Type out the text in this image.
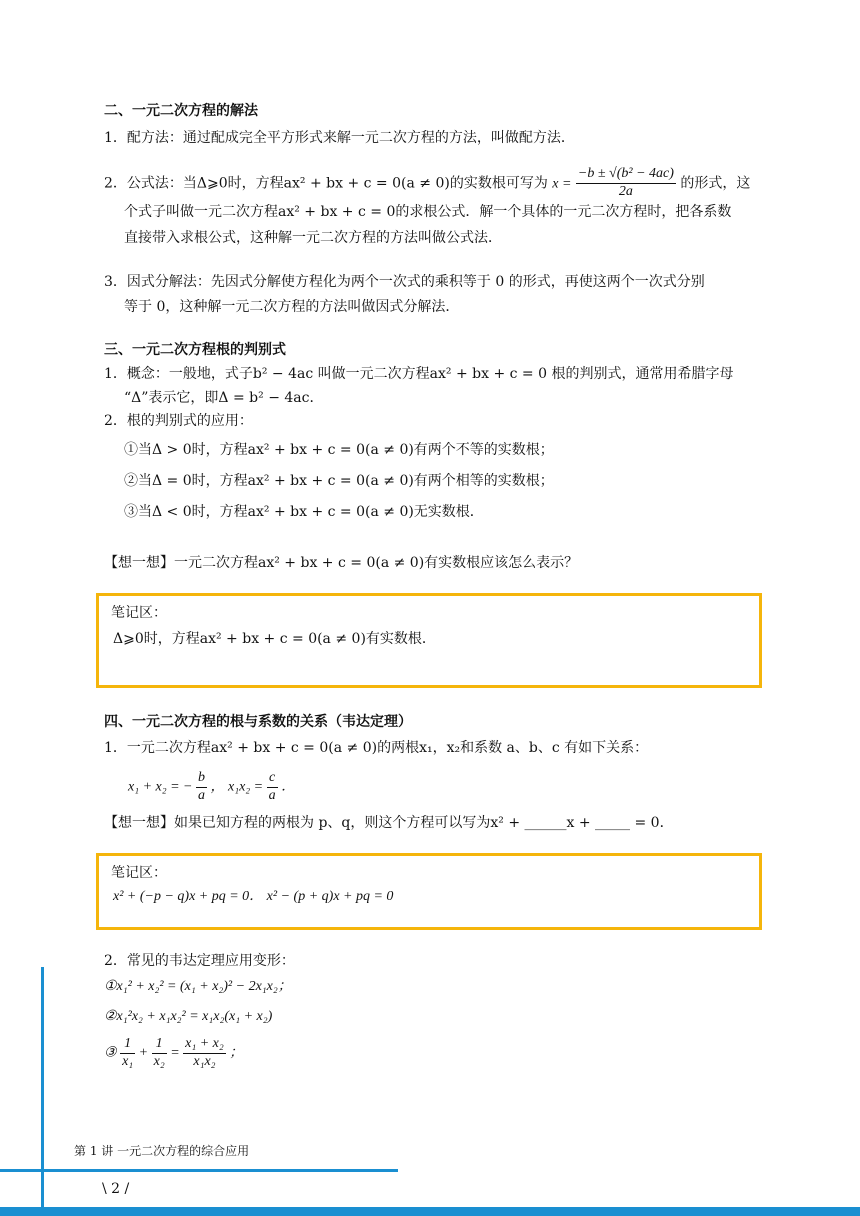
二、一元二次方程的解法
1．配方法：通过配成完全平方形式来解一元二次方程的方法，叫做配方法．
2．公式法：当Δ⩾0时，方程ax² + bx + c = 0(a ≠ 0)的实数根可写为 $x = \frac{\text{−b ± √(b² − 4ac)}}{2a}$ 的形式，这
个式子叫做一元二次方程ax² + bx + c = 0的求根公式．解一个具体的一元二次方程时，把各系数
直接带入求根公式，这种解一元二次方程的方法叫做公式法．
3．因式分解法：先因式分解使方程化为两个一次式的乘积等于 0 的形式，再使这两个一次式分别
等于 0，这种解一元二次方程的方法叫做因式分解法．
三、一元二次方程根的判别式
1．概念：一般地，式子b² − 4ac 叫做一元二次方程ax² + bx + c = 0 根的判别式，通常用希腊字母
“Δ”表示它，即Δ = b² − 4ac．
2．根的判别式的应用：
①当Δ > 0时，方程ax² + bx + c = 0(a ≠ 0)有两个不等的实数根；
②当Δ = 0时，方程ax² + bx + c = 0(a ≠ 0)有两个相等的实数根；
③当Δ < 0时，方程ax² + bx + c = 0(a ≠ 0)无实数根．
【想一想】一元二次方程ax² + bx + c = 0(a ≠ 0)有实数根应该怎么表示？
笔记区：
Δ⩾0时，方程ax² + bx + c = 0(a ≠ 0)有实数根．
四、一元二次方程的根与系数的关系（韦达定理）
1．一元二次方程ax² + bx + c = 0(a ≠ 0)的两根x₁，x₂和系数 a、b、c 有如下关系：
x₁ + x₂ = − $\frac{b}{a}$ ， $x_1x_2 = \frac{c}{a}$ ．
【想一想】如果已知方程的两根为 p、q，则这个方程可以写为x² + ______x + _____ = 0．
笔记区：
x² + (−p − q)x + pq = 0． x² − (p + q)x + pq = 0
2．常见的韦达定理应用变形：
①x₁² + x₂² = (x₁ + x₂)² − 2x₁x₂；
②x₁²x₂ + x₁x₂² = x₁x₂(x₁ + x₂)
③ $\frac{1}{\text{x₁}} + \frac{1}{\text{x₂}} = \frac{\text{x₁ + x₂}}{\text{x₁x₂}}$ ；
第 1 讲 一元二次方程的综合应用
\ 2 /
